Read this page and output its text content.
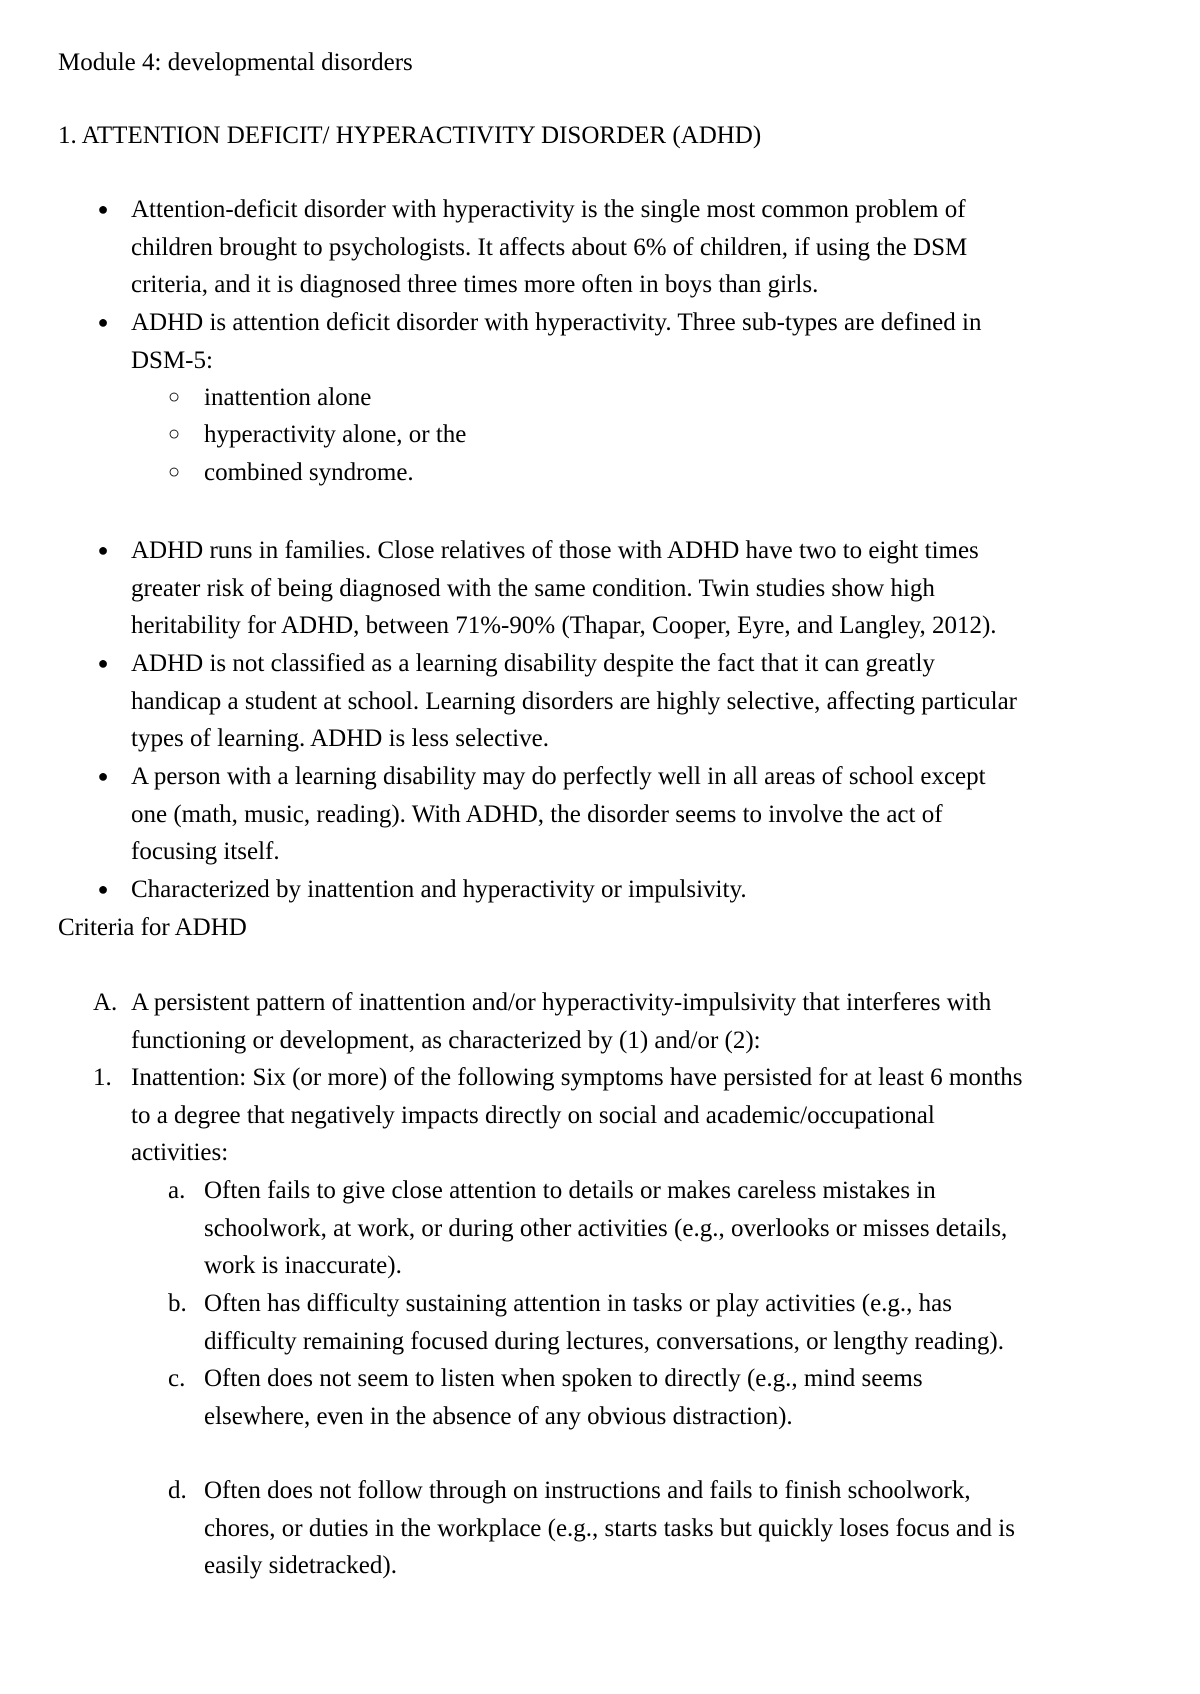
Module 4: developmental disorders
1. ATTENTION DEFICIT/ HYPERACTIVITY DISORDER (ADHD)
● Attention-deficit disorder with hyperactivity is the single most common problem of

children brought to psychologists. It affects about 6% of children, if using the DSM

criteria, and it is diagnosed three times more often in boys than girls.

● ADHD is attention deficit disorder with hyperactivity. Three sub-types are defined in

DSM-5:

○ inattention alone
○ hyperactivity alone, or the
○ combined syndrome.
● ADHD runs in families. Close relatives of those with ADHD have two to eight times

greater risk of being diagnosed with the same condition. Twin studies show high

heritability for ADHD, between 71%-90% (Thapar, Cooper, Eyre, and Langley, 2012).

● ADHD is not classified as a learning disability despite the fact that it can greatly

handicap a student at school. Learning disorders are highly selective, affecting particular

types of learning. ADHD is less selective.

● A person with a learning disability may do perfectly well in all areas of school except

one (math, music, reading). With ADHD, the disorder seems to involve the act of

focusing itself.

● Characterized by inattention and hyperactivity or impulsivity.

Criteria for ADHD
A. A persistent pattern of inattention and/or hyperactivity-impulsivity that interferes with

functioning or development, as characterized by (1) and/or (2):

1. Inattention: Six (or more) of the following symptoms have persisted for at least 6 months

to a degree that negatively impacts directly on social and academic/occupational

activities:

a. Often fails to give close attention to details or makes careless mistakes in

schoolwork, at work, or during other activities (e.g., overlooks or misses details,

work is inaccurate).

b. Often has difficulty sustaining attention in tasks or play activities (e.g., has

difficulty remaining focused during lectures, conversations, or lengthy reading).

c. Often does not seem to listen when spoken to directly (e.g., mind seems

elsewhere, even in the absence of any obvious distraction).

d. Often does not follow through on instructions and fails to finish schoolwork,

chores, or duties in the workplace (e.g., starts tasks but quickly loses focus and is

easily sidetracked).
